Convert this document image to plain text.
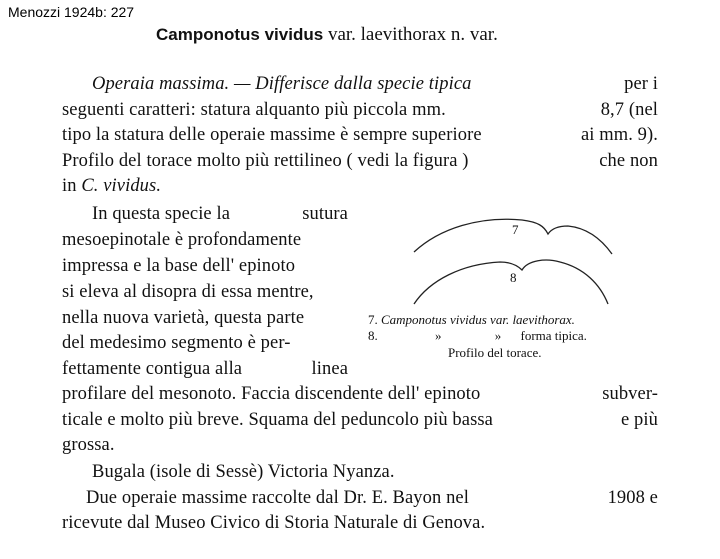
Menozzi 1924b: 227
Camponotus vividus var. laevithorax n. var.
Operaia massima. — Differisce dalla specie tipica	per i
seguenti caratteri: statura alquanto più piccola mm.	8,7 (nel
tipo la statura delle operaie massime è sempre superiore	ai mm. 9).
Profilo del torace molto più rettilineo ( vedi la figura )	che non
in C. vividus.
In questa specie la	sutura
mesoepinotale è profondamente
impressa e la base dell' epinoto
si eleva al disopra di essa mentre,
nella nuova varietà, questa parte
del medesimo segmento è per-
fettamente contigua alla	linea
profilare del mesonoto. Faccia discendente dell' epinoto	subver-
ticale e molto più breve. Squama del peduncolo più bassa	e più
grossa.
Bugala (isole di Sessè) Victoria Nyanza.
Due operaie massime raccolte dal Dr. E. Bayon nel	1908 e
ricevute dal Museo Civico di Storia Naturale di Genova.
7
8
7. Camponotus vividus var. laevithorax.
8.	»	» forma tipica.
Profilo del torace.
